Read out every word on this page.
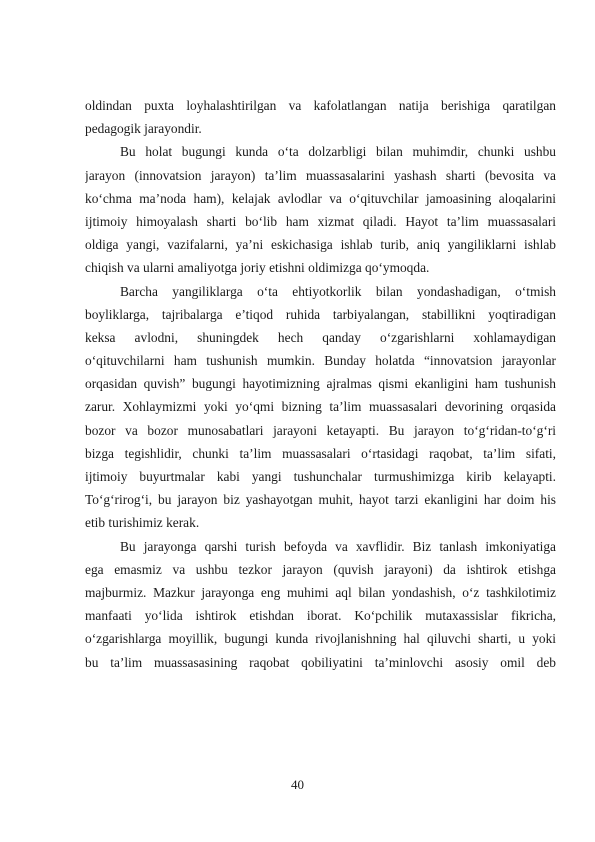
oldindan puxta loyhalashtirilgan va kafolatlangan natija berishiga qaratilgan
pedagogik jarayondir.
Bu holat bugungi kunda o‘ta dolzarbligi bilan muhimdir, chunki ushbu
jarayon (innovatsion jarayon) ta’lim muassasalarini yashash sharti (bevosita va
ko‘chma ma’noda ham), kelajak avlodlar va o‘qituvchilar jamoasining aloqalarini
ijtimoiy himoyalash sharti bo‘lib ham xizmat qiladi. Hayot ta’lim muassasalari
oldiga yangi, vazifalarni, ya’ni eskichasiga ishlab turib, aniq yangiliklarni ishlab
chiqish va ularni amaliyotga joriy etishni oldimizga qo‘ymoqda.
Barcha yangiliklarga o‘ta ehtiyotkorlik bilan yondashadigan, o‘tmish
boyliklarga, tajribalarga e’tiqod ruhida tarbiyalangan, stabillikni yoqtiradigan
keksa avlodni, shuningdek hech qanday o‘zgarishlarni xohlamaydigan
o‘qituvchilarni ham tushunish mumkin. Bunday holatda “innovatsion jarayonlar
orqasidan quvish” bugungi hayotimizning ajralmas qismi ekanligini ham tushunish
zarur. Xohlaymizmi yoki yo‘qmi bizning ta’lim muassasalari devorining orqasida
bozor va bozor munosabatlari jarayoni ketayapti. Bu jarayon to‘g‘ridan-to‘g‘ri
bizga tegishlidir, chunki ta’lim muassasalari o‘rtasidagi raqobat, ta’lim sifati,
ijtimoiy buyurtmalar kabi yangi tushunchalar turmushimizga kirib kelayapti.
To‘g‘rirog‘i, bu jarayon biz yashayotgan muhit, hayot tarzi ekanligini har doim his
etib turishimiz kerak.
Bu jarayonga qarshi turish befoyda va xavflidir. Biz tanlash imkoniyatiga
ega emasmiz va ushbu tezkor jarayon (quvish jarayoni) da ishtirok etishga
majburmiz. Mazkur jarayonga eng muhimi aql bilan yondashish, o‘z tashkilotimiz
manfaati yo‘lida ishtirok etishdan iborat. Ko‘pchilik mutaxassislar fikricha,
o‘zgarishlarga moyillik, bugungi kunda rivojlanishning hal qiluvchi sharti, u yoki
bu ta’lim muassasasining raqobat qobiliyatini ta’minlovchi asosiy omil deb
40
